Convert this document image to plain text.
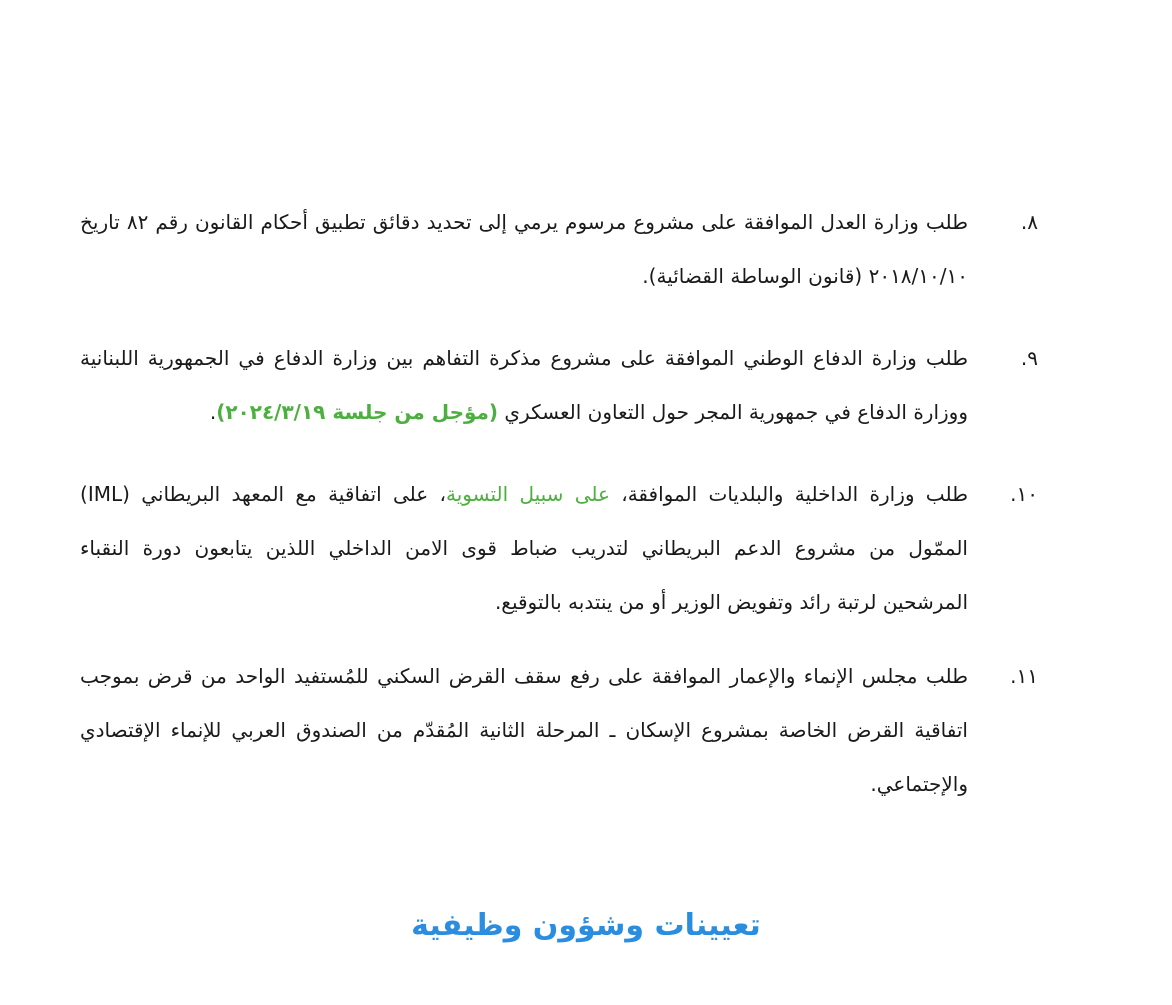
٨.
طلب وزارة العدل الموافقة على مشروع مرسوم يرمي إلى تحديد دقائق تطبيق أحكام القانون رقم ٨٢ تاريخ ٢٠١٨/١٠/١٠ (قانون الوساطة القضائية).
٩.
طلب وزارة الدفاع الوطني الموافقة على مشروع مذكرة التفاهم بين وزارة الدفاع في الجمهورية اللبنانية ووزارة الدفاع في جمهورية المجر حول التعاون العسكري (مؤجل من جلسة ٢٠٢٤/٣/١٩).
١٠.
طلب وزارة الداخلية والبلديات الموافقة، على سبيل التسوية، على اتفاقية مع المعهد البريطاني (IML) الممّول من مشروع الدعم البريطاني لتدريب ضباط قوى الامن الداخلي اللذين يتابعون دورة النقباء المرشحين لرتبة رائد وتفويض الوزير أو من ينتدبه بالتوقيع.
١١.
طلب مجلس الإنماء والإعمار الموافقة على رفع سقف القرض السكني للمُستفيد الواحد من قرض بموجب اتفاقية القرض الخاصة بمشروع الإسكان ـ المرحلة الثانية المُقدّم من الصندوق العربي للإنماء الإقتصادي والإجتماعي.
تعيينات وشؤون وظيفية
